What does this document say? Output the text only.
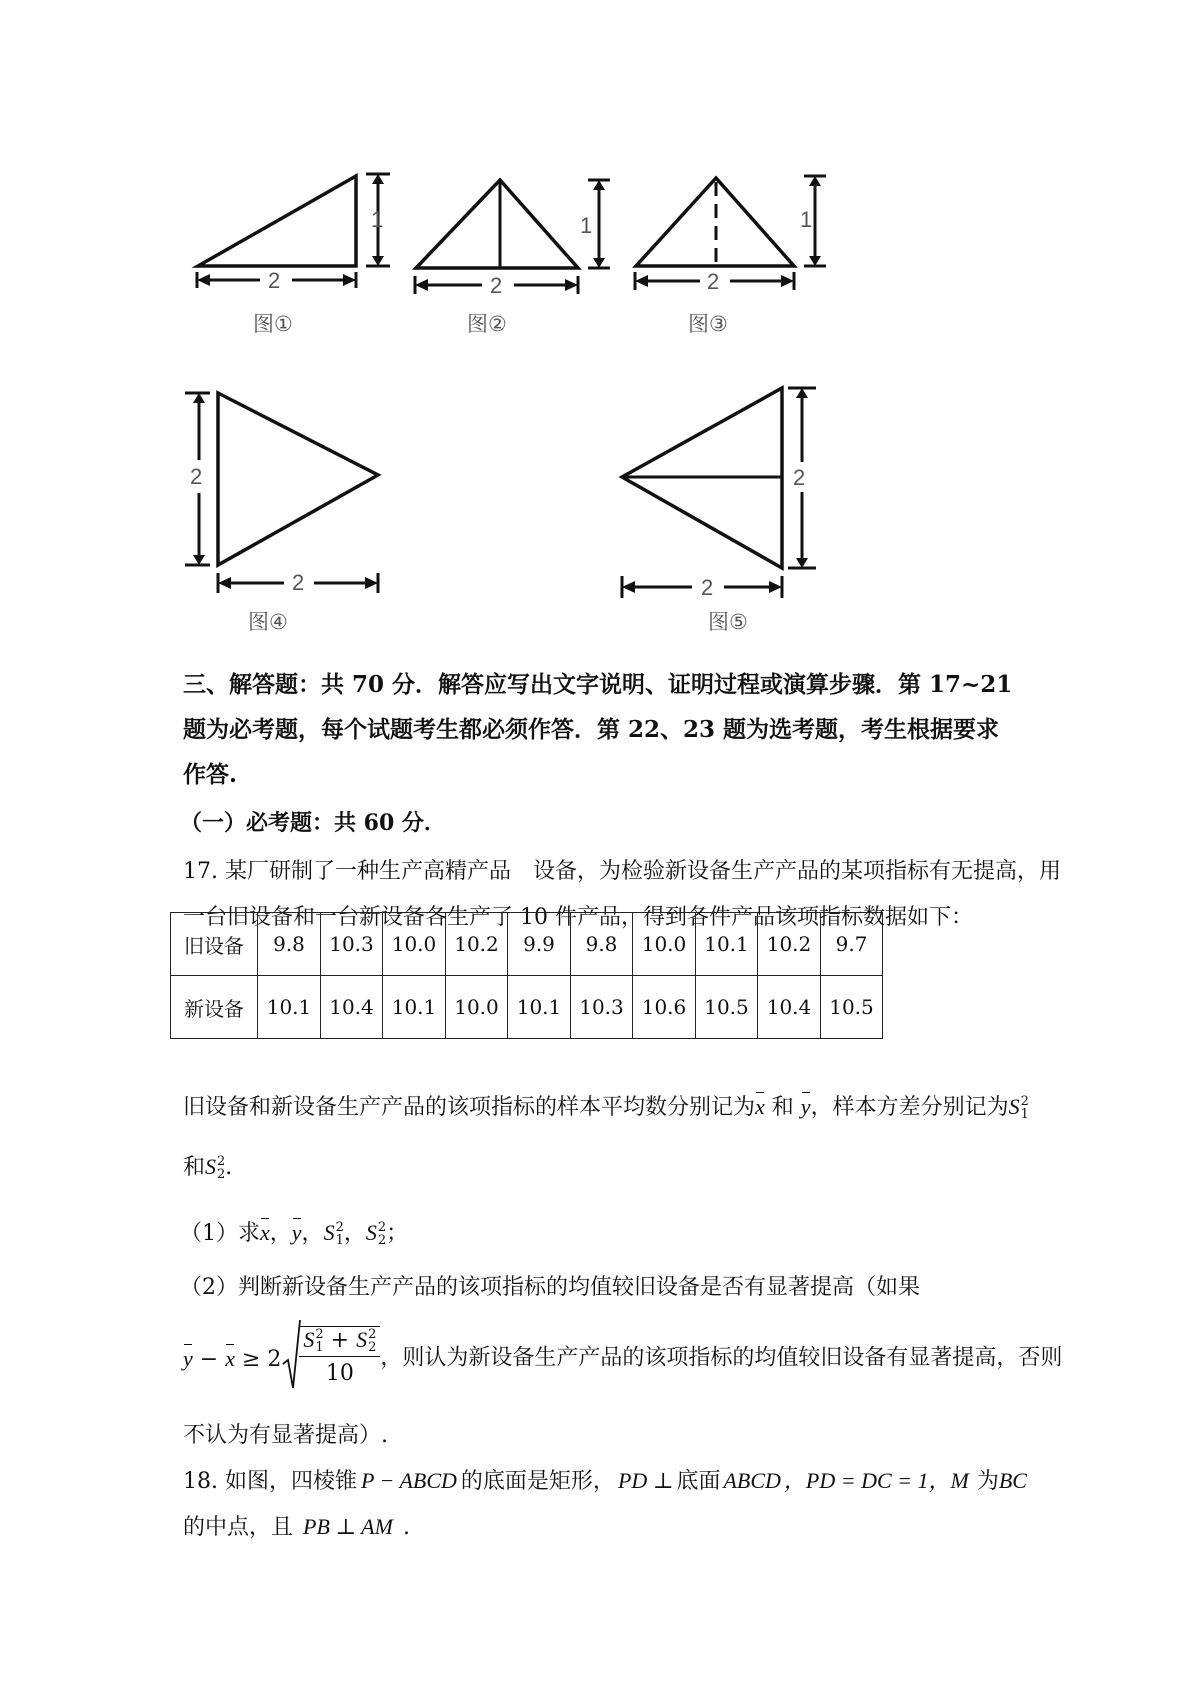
1
2
图①
1
2
图②
1
2
图③
2
2
图④
2
2
图⑤
三、解答题：共 70 分．解答应写出文字说明、证明过程或演算步骤．第 17~21
题为必考题，每个试题考生都必须作答．第 22、23 题为选考题，考生根据要求
作答.
（一）必考题：共 60 分．
17. 某厂研制了一种生产高精产品　设备，为检验新设备生产产品的某项指标有无提高，用
一台旧设备和一台新设备各生产了 10 件产品，得到各件产品该项指标数据如下：
旧设备	9.8	10.3	10.0	10.2	9.9	9.8	10.0	10.1	10.2	9.7
新设备	10.1	10.4	10.1	10.0	10.1	10.3	10.6	10.5	10.4	10.5
旧设备和新设备生产产品的该项指标的样本平均数分别记为x 和 y，样本方差分别记为S 2
1
和S 2
2 .
（1）求x，y，S 2
1 ，S 2
2 ；
（2）判断新设备生产产品的该项指标的均值较旧设备是否有显著提高（如果
y − x ≥ 2 S 2
1 + S 2
2
10 ，则认为新设备生产产品的该项指标的均值较旧设备有显著提高，否则
不认为有显著提高）.
18. 如图，四棱锥 P − ABCD 的底面是矩形， PD ⊥ 底面 ABCD ，PD = DC = 1，M 为BC
的中点，且 PB ⊥ AM .
